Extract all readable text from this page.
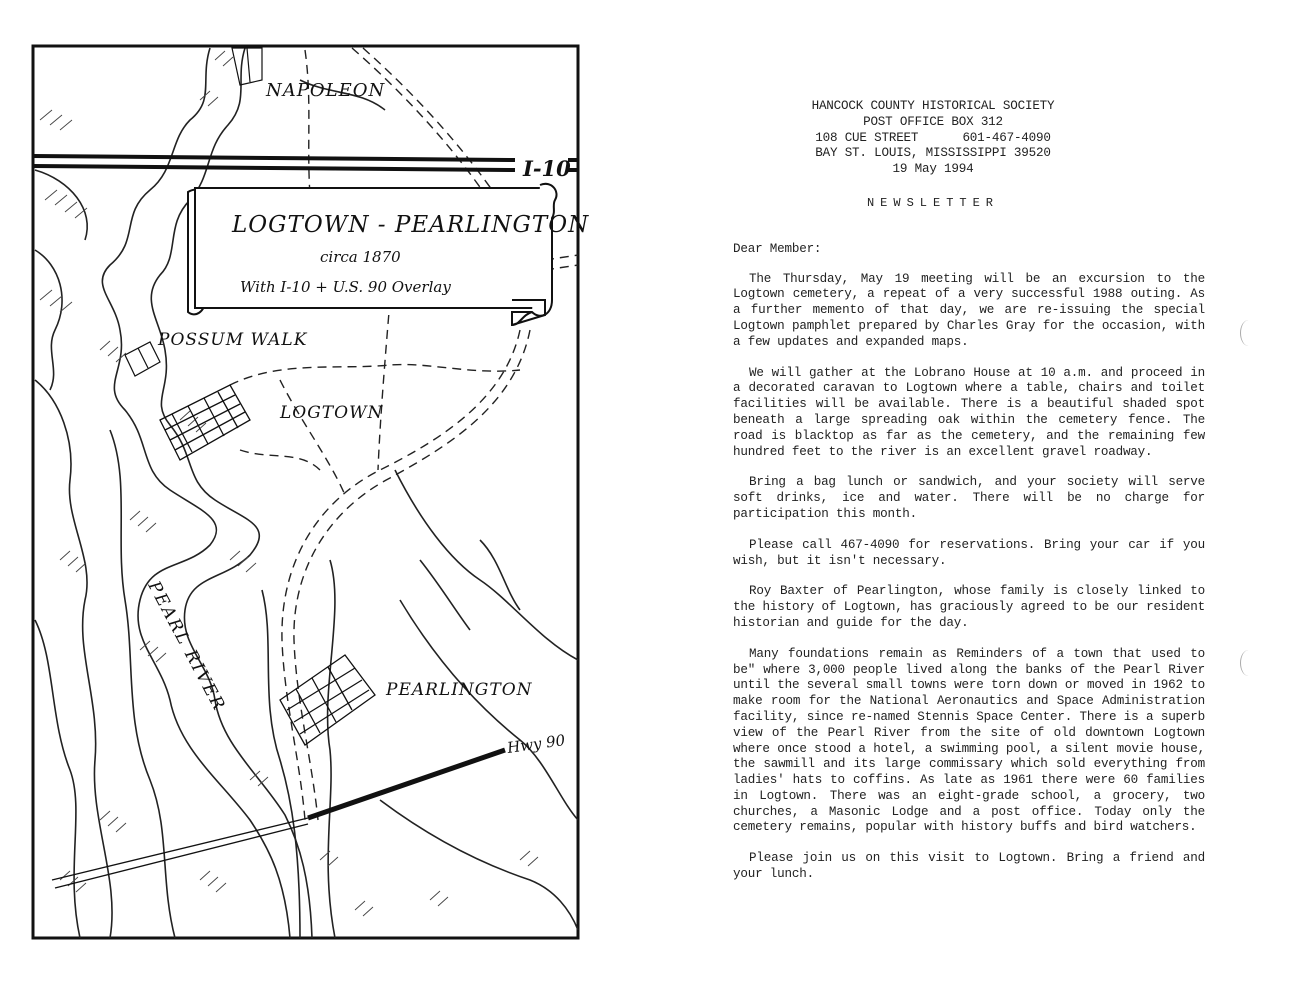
LOGTOWN - PEARLINGTON
circa 1870
With I-10 + U.S. 90 Overlay
NAPOLEON
I-10
POSSUM WALK
LOGTOWN
PEARL RIVER	PEARLINGTON
Hwy 90
HANCOCK COUNTY HISTORICAL SOCIETY
POST OFFICE BOX 312
108 CUE STREET	601-467-4090
BAY ST. LOUIS, MISSISSIPPI 39520
19 May 1994
NEWSLETTER
Dear Member:
The Thursday, May 19 meeting will be an excursion to the Logtown cemetery, a repeat of a very successful 1988 outing. As a further memento of that day, we are re-issuing the special Logtown pamphlet prepared by Charles Gray for the occasion, with a few updates and expanded maps.
We will gather at the Lobrano House at 10 a.m. and proceed in a decorated caravan to Logtown where a table, chairs and toilet facilities will be available. There is a beautiful shaded spot beneath a large spreading oak within the cemetery fence. The road is blacktop as far as the cemetery, and the remaining few hundred feet to the river is an excellent gravel roadway.
Bring a bag lunch or sandwich, and your society will serve soft drinks, ice and water. There will be no charge for participation this month.
Please call 467-4090 for reservations. Bring your car if you wish, but it isn't necessary.
Roy Baxter of Pearlington, whose family is closely linked to the history of Logtown, has graciously agreed to be our resident historian and guide for the day.
Many foundations remain as Reminders of a town that used to be" where 3,000 people lived along the banks of the Pearl River until the several small towns were torn down or moved in 1962 to make room for the National Aeronautics and Space Administration facility, since re-named Stennis Space Center. There is a superb view of the Pearl River from the site of old downtown Logtown where once stood a hotel, a swimming pool, a silent movie house, the sawmill and its large commissary which sold everything from ladies' hats to coffins. As late as 1961 there were 60 families in Logtown. There was an eight-grade school, a grocery, two churches, a Masonic Lodge and a post office. Today only the cemetery remains, popular with history buffs and bird watchers.
Please join us on this visit to Logtown. Bring a friend and your lunch.
